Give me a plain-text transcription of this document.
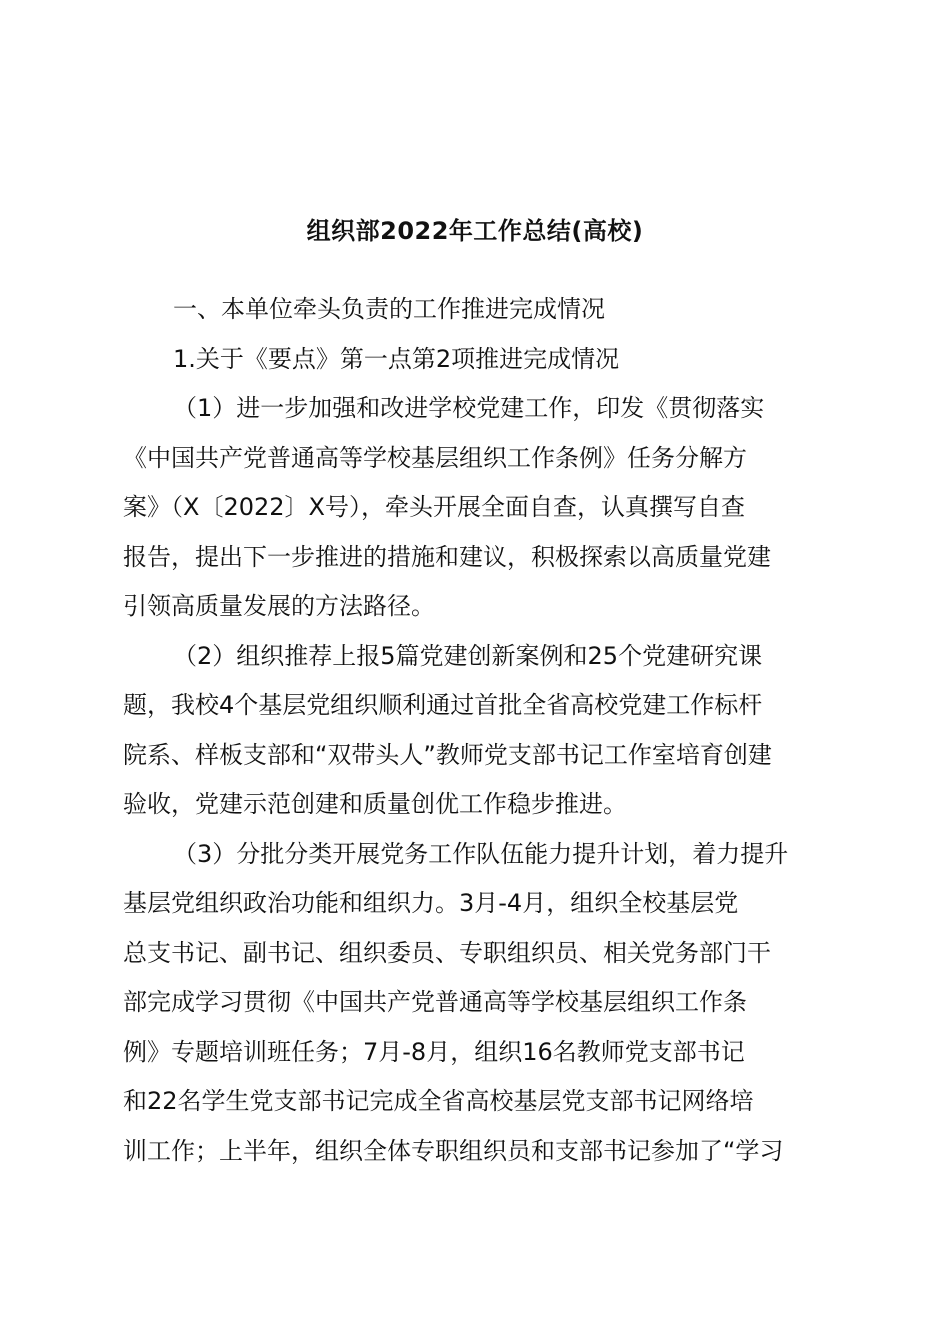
组织部2022年工作总结(高校)
一、本单位牵头负责的工作推进完成情况
1.关于《要点》第一点第2项推进完成情况
（1）进一步加强和改进学校党建工作，印发《贯彻落实
《中国共产党普通高等学校基层组织工作条例》任务分解方
案》（X〔2022〕X号），牵头开展全面自查，认真撰写自查
报告，提出下一步推进的措施和建议，积极探索以高质量党建
引领高质量发展的方法路径。
（2）组织推荐上报5篇党建创新案例和25个党建研究课
题，我校4个基层党组织顺利通过首批全省高校党建工作标杆
院系、样板支部和“双带头人”教师党支部书记工作室培育创建
验收，党建示范创建和质量创优工作稳步推进。
（3）分批分类开展党务工作队伍能力提升计划，着力提升
基层党组织政治功能和组织力。3月-4月，组织全校基层党
总支书记、副书记、组织委员、专职组织员、相关党务部门干
部完成学习贯彻《中国共产党普通高等学校基层组织工作条
例》专题培训班任务；7月-8月，组织16名教师党支部书记
和22名学生党支部书记完成全省高校基层党支部书记网络培
训工作；上半年，组织全体专职组织员和支部书记参加了“学习
